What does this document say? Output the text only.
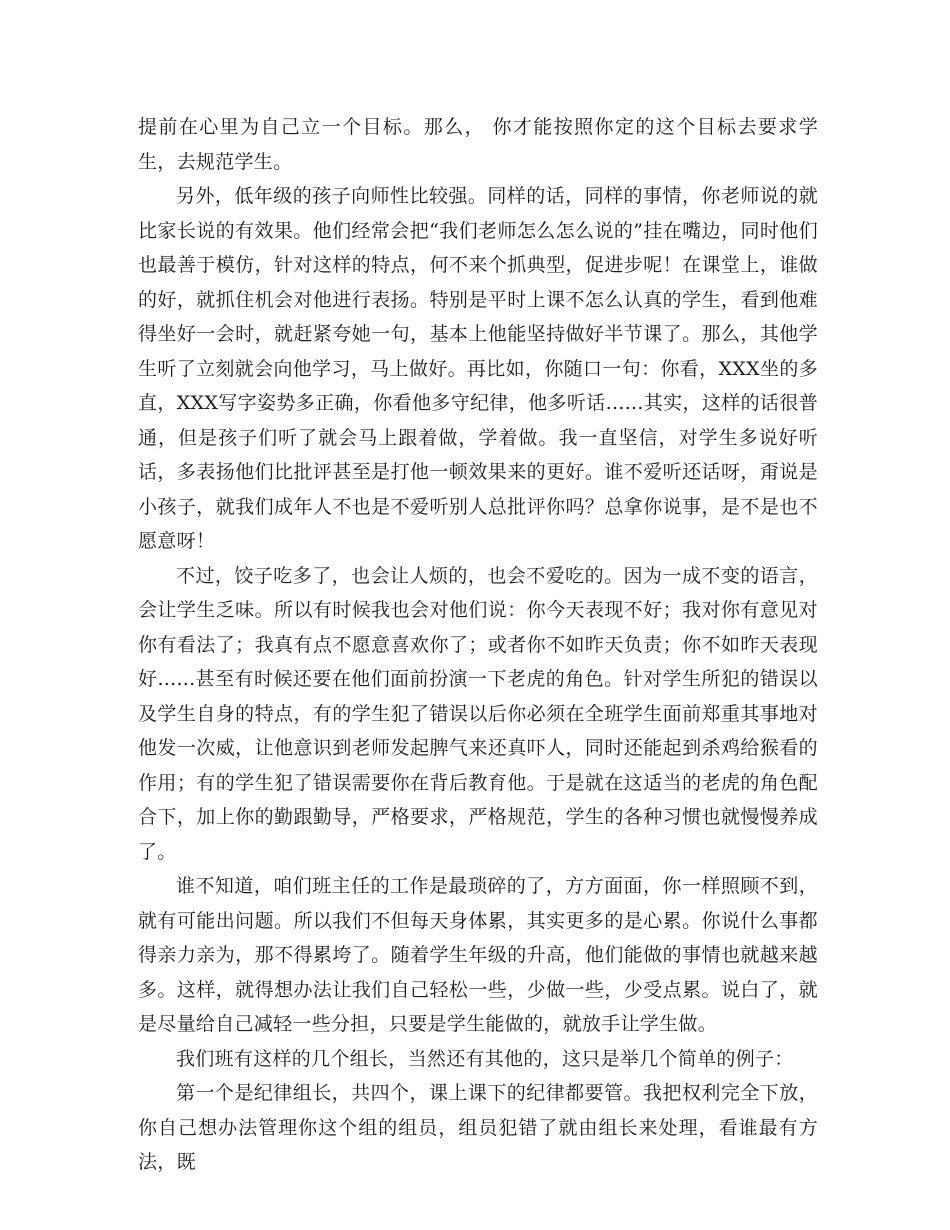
提前在心里为自己立一个目标。那么， 你才能按照你定的这个目标去要求学生，去规范学生。

另外，低年级的孩子向师性比较强。同样的话，同样的事情，你老师说的就比家长说的有效果。他们经常会把“我们老师怎么怎么说的”挂在嘴边，同时他们也最善于模仿，针对这样的特点，何不来个抓典型，促进步呢！在课堂上，谁做的好，就抓住机会对他进行表扬。特别是平时上课不怎么认真的学生，看到他难得坐好一会时，就赶紧夸她一句，基本上他能坚持做好半节课了。那么，其他学生听了立刻就会向他学习，马上做好。再比如，你随口一句：你看，XXX坐的多直，XXX写字姿势多正确，你看他多守纪律，他多听话......其实，这样的话很普通，但是孩子们听了就会马上跟着做，学着做。我一直坚信，对学生多说好听话，多表扬他们比批评甚至是打他一顿效果来的更好。谁不爱听还话呀，甭说是小孩子，就我们成年人不也是不爱听别人总批评你吗？总拿你说事，是不是也不愿意呀！

不过，饺子吃多了，也会让人烦的，也会不爱吃的。因为一成不变的语言，会让学生乏味。所以有时候我也会对他们说：你今天表现不好；我对你有意见对你有看法了；我真有点不愿意喜欢你了；或者你不如昨天负责；你不如昨天表现好......甚至有时候还要在他们面前扮演一下老虎的角色。针对学生所犯的错误以及学生自身的特点，有的学生犯了错误以后你必须在全班学生面前郑重其事地对他发一次威，让他意识到老师发起脾气来还真吓人，同时还能起到杀鸡给猴看的作用；有的学生犯了错误需要你在背后教育他。于是就在这适当的老虎的角色配合下，加上你的勤跟勤导，严格要求，严格规范，学生的各种习惯也就慢慢养成了。

谁不知道，咱们班主任的工作是最琐碎的了，方方面面，你一样照顾不到，就有可能出问题。所以我们不但每天身体累，其实更多的是心累。你说什么事都得亲力亲为，那不得累垮了。随着学生年级的升高，他们能做的事情也就越来越多。这样，就得想办法让我们自己轻松一些，少做一些，少受点累。说白了，就是尽量给自己减轻一些分担，只要是学生能做的，就放手让学生做。

我们班有这样的几个组长，当然还有其他的，这只是举几个简单的例子：

第一个是纪律组长，共四个，课上课下的纪律都要管。我把权利完全下放，你自己想办法管理你这个组的组员，组员犯错了就由组长来处理，看谁最有方法，既
